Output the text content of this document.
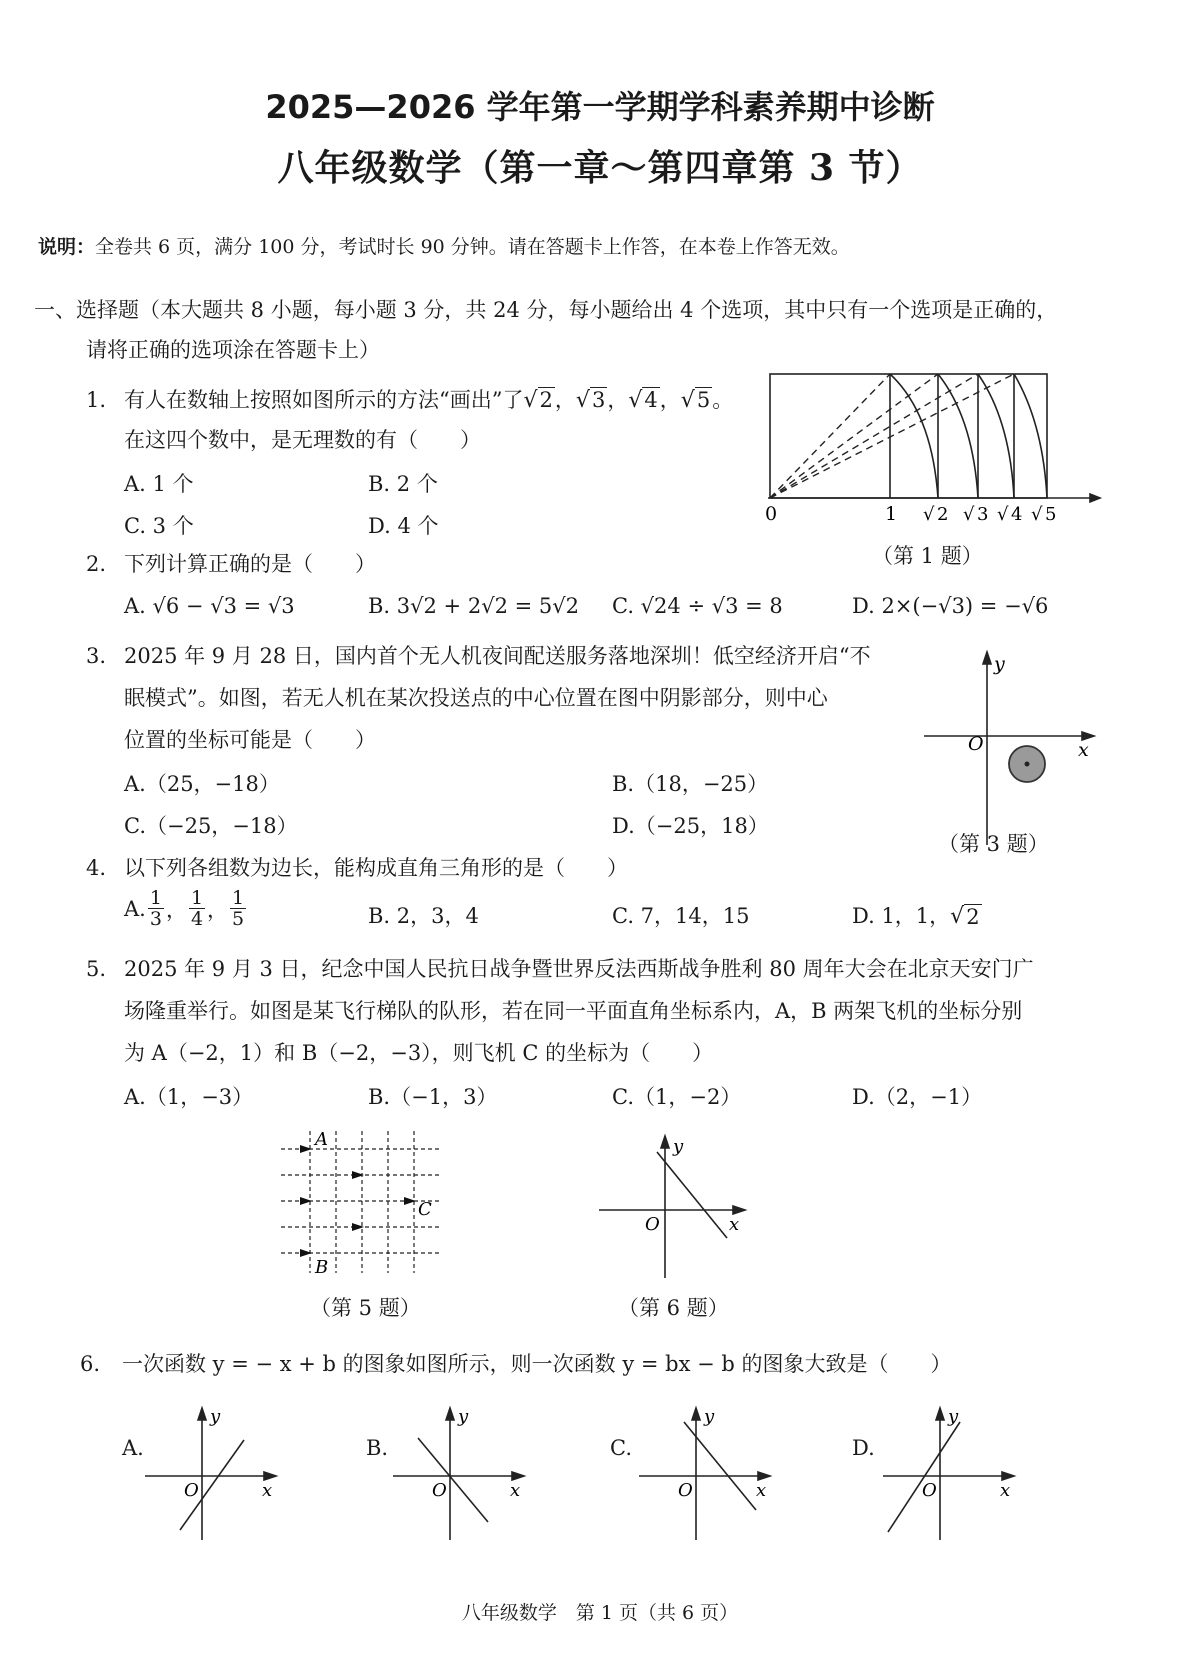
2025—2026 学年第一学期学科素养期中诊断
八年级数学（第一章～第四章第 3 节）
说明：全卷共 6 页，满分 100 分，考试时长 90 分钟。请在答题卡上作答，在本卷上作答无效。
一、选择题（本大题共 8 小题，每小题 3 分，共 24 分，每小题给出 4 个选项，其中只有一个选项是正确的，
请将正确的选项涂在答题卡上）
1. 有人在数轴上按照如图所示的方法“画出”了 √ 2 ， √ 3 ， √ 4 ， √ 5 。
在这四个数中，是无理数的有（　　）
A. 1 个	B. 2 个
C. 3 个	D. 4 个	0	1 √ 2 √ 3 √ 4 √ 5
（第 1 题）
2. 下列计算正确的是（　　）
A. √6 − √3 = √3	B. 3√2 + 2√2 = 5√2 C. √24 ÷ √3 = 8	D. 2×(−√3) = −√6
3. 2025 年 9 月 28 日，国内首个无人机夜间配送服务落地深圳！低空经济开启“不
眠模式”。如图，若无人机在某次投送点的中心位置在图中阴影部分，则中心
位置的坐标可能是（　　）
A.（25，−18）	B.（18，−25）
C.（−25，−18）	D.（−25，18）
y
O	x
（第 3 题）
4. 以下列各组数为边长，能构成直角三角形的是（　　）
A. $\frac{1}{3}$ ， $\frac{1}{4}$ ， $\frac{1}{5}$	B. 2，3，4	C. 7，14，15	D. 1，1， √ 2
5. 2025 年 9 月 3 日，纪念中国人民抗日战争暨世界反法西斯战争胜利 80 周年大会在北京天安门广
场隆重举行。如图是某飞行梯队的队形，若在同一平面直角坐标系内，A，B 两架飞机的坐标分别
为 A（−2，1）和 B（−2，−3），则飞机 C 的坐标为（　　）
A.（1，−3）	B.（−1，3）	C.（1，−2）	D.（2，−1）
A
C
B
（第 5 题）
y
O	x
（第 6 题）
6. 一次函数 y = − x + b 的图象如图所示，则一次函数 y = bx − b 的图象大致是（　　）
A.
y
O	x
B.
y
O	x
C.
y
O	x
D.
y
O	x
八年级数学　第 1 页（共 6 页）
